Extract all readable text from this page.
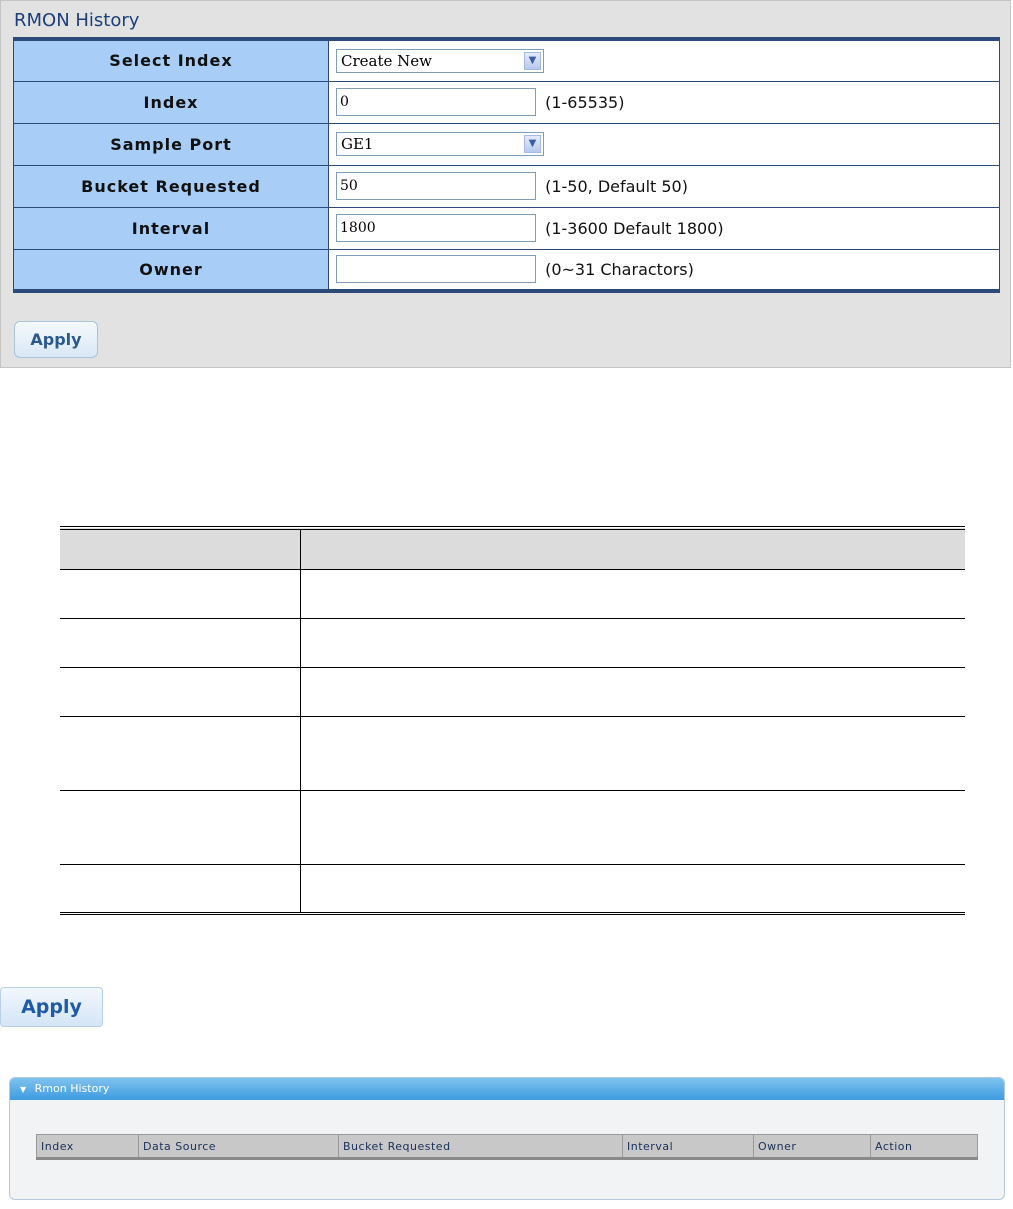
RMON History
Select Index	Create New ▼

Index	0 (1-65535)
Sample Port	GE1 ▼

Bucket Requested	50 (1-50, Default 50)
Interval	1800 (1-3600 Default 1800)
Owner	(0~31 Charactors)
Apply

Apply
▼ Rmon History
Index	Data Source	Bucket Requested	Interval	Owner	Action
